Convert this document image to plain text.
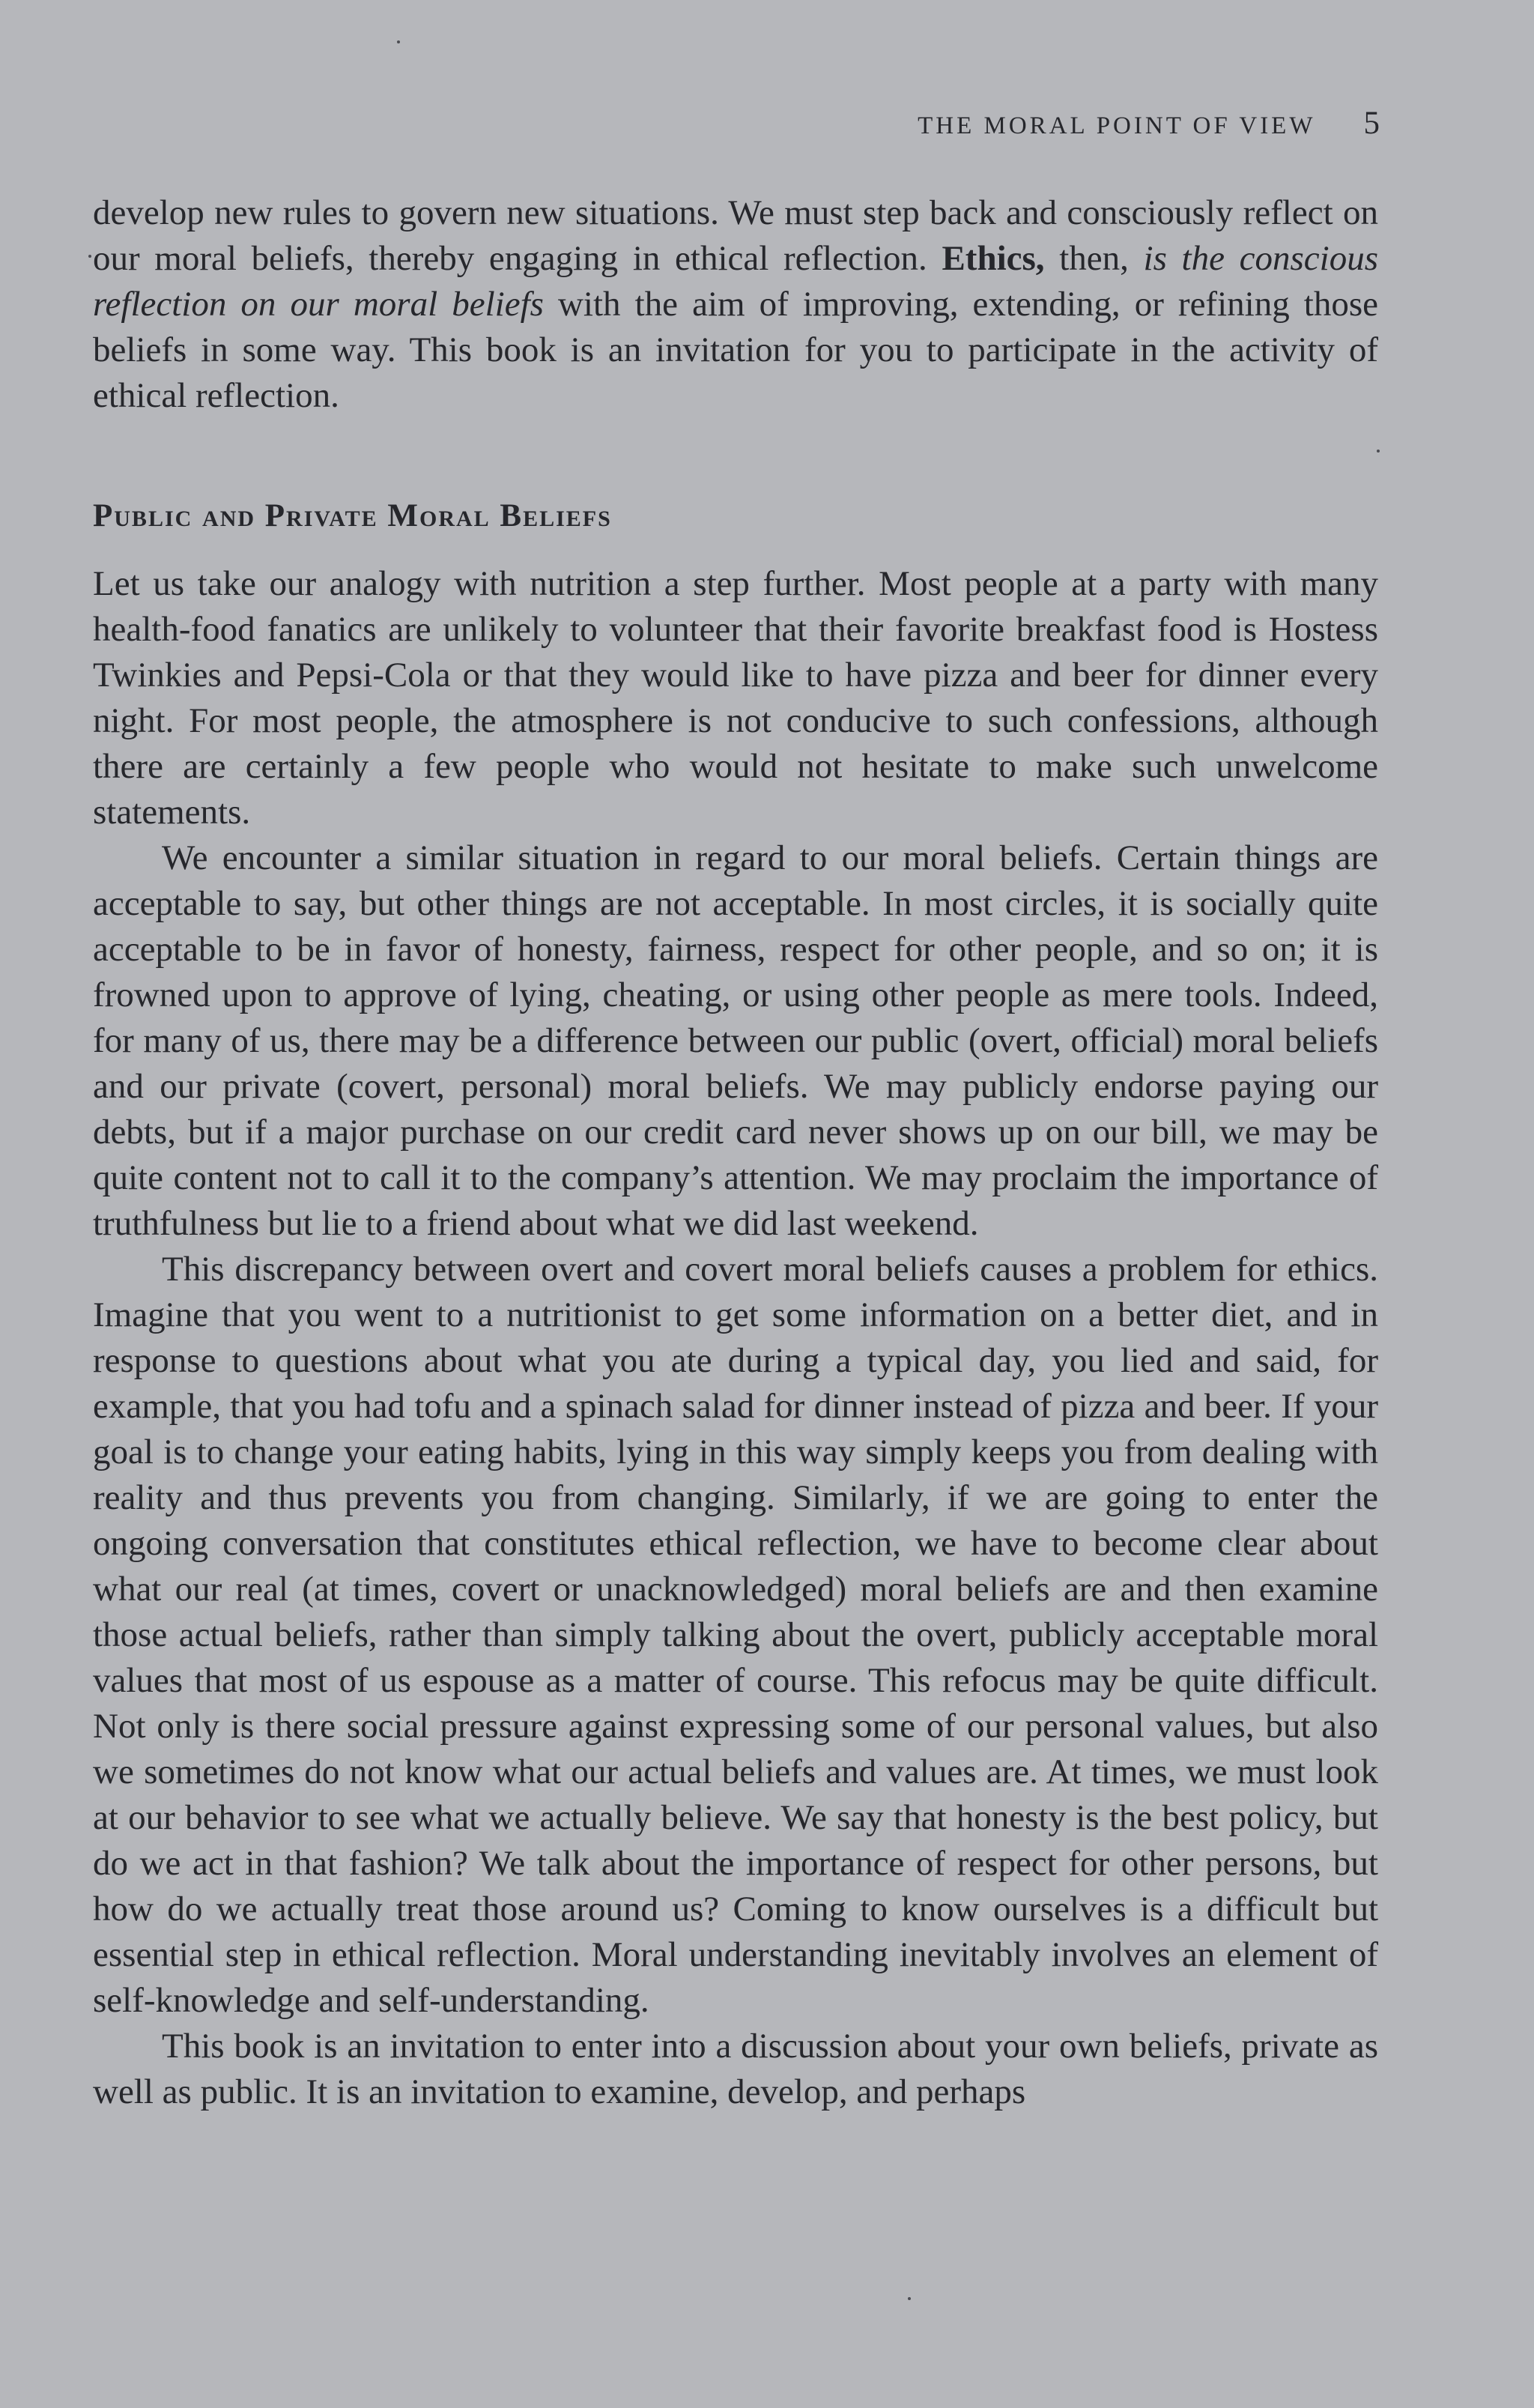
THE MORAL POINT OF VIEW 5

develop new rules to govern new situations. We must step back and consciously reflect on our moral beliefs, thereby engaging in ethical reflection. Ethics, then, is the conscious reflection on our moral beliefs with the aim of improving, extending, or refining those beliefs in some way. This book is an invitation for you to participate in the activity of ethical reflection.

Public and Private Moral Beliefs

Let us take our analogy with nutrition a step further. Most people at a party with many health-food fanatics are unlikely to volunteer that their favorite breakfast food is Hostess Twinkies and Pepsi-Cola or that they would like to have pizza and beer for dinner every night. For most people, the atmosphere is not conducive to such confessions, although there are certainly a few people who would not hesitate to make such unwelcome statements.

We encounter a similar situation in regard to our moral beliefs. Certain things are acceptable to say, but other things are not acceptable. In most circles, it is socially quite acceptable to be in favor of honesty, fairness, respect for other people, and so on; it is frowned upon to approve of lying, cheating, or using other people as mere tools. Indeed, for many of us, there may be a difference between our public (overt, official) moral beliefs and our private (covert, personal) moral beliefs. We may publicly endorse paying our debts, but if a major purchase on our credit card never shows up on our bill, we may be quite content not to call it to the company’s attention. We may proclaim the importance of truthfulness but lie to a friend about what we did last weekend.

This discrepancy between overt and covert moral beliefs causes a problem for ethics. Imagine that you went to a nutritionist to get some information on a better diet, and in response to questions about what you ate during a typical day, you lied and said, for example, that you had tofu and a spinach salad for dinner instead of pizza and beer. If your goal is to change your eating habits, lying in this way simply keeps you from dealing with reality and thus prevents you from changing. Similarly, if we are going to enter the ongoing conversation that constitutes ethical reflection, we have to become clear about what our real (at times, covert or unacknowledged) moral beliefs are and then examine those actual beliefs, rather than simply talking about the overt, publicly acceptable moral values that most of us espouse as a matter of course. This refocus may be quite difficult. Not only is there social pressure against expressing some of our personal values, but also we sometimes do not know what our actual beliefs and values are. At times, we must look at our behavior to see what we actually believe. We say that honesty is the best policy, but do we act in that fashion? We talk about the importance of respect for other persons, but how do we actually treat those around us? Coming to know ourselves is a difficult but essential step in ethical reflection. Moral understanding inevitably involves an element of self-knowledge and self-understanding.

This book is an invitation to enter into a discussion about your own beliefs, private as well as public. It is an invitation to examine, develop, and perhaps
